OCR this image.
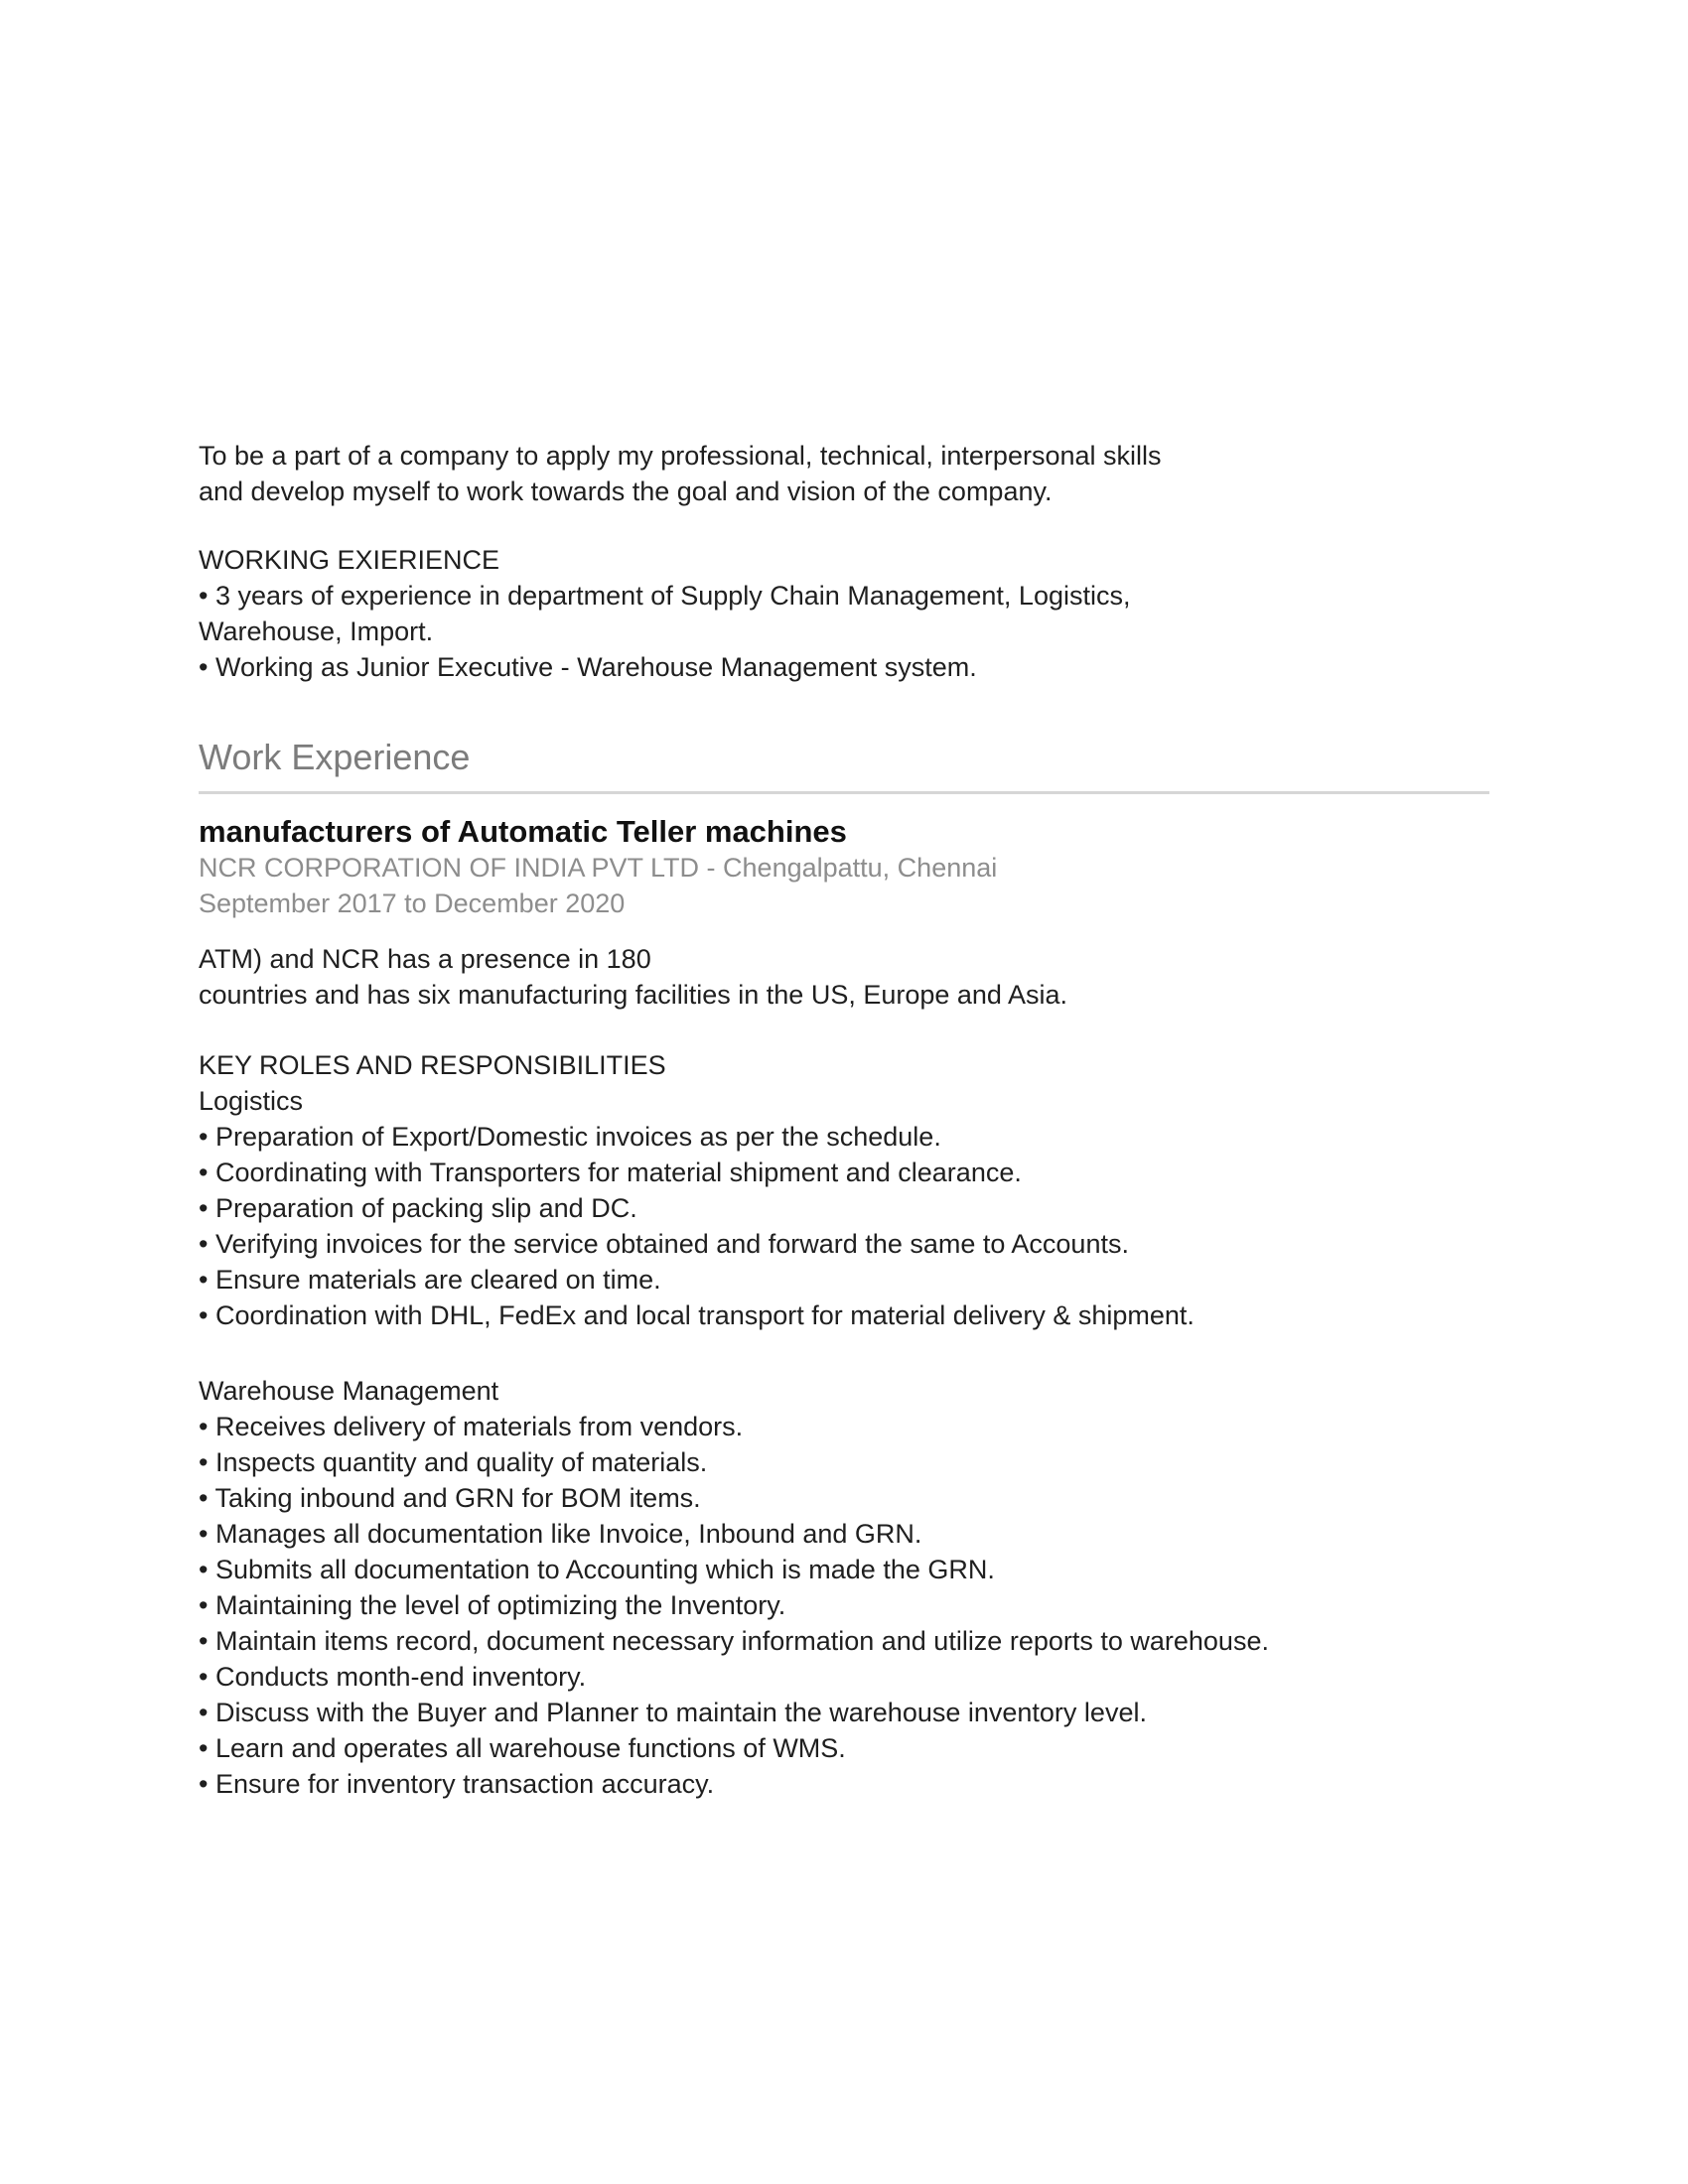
To be a part of a company to apply my professional, technical, interpersonal skills
and develop myself to work towards the goal and vision of the company.
WORKING EXIERIENCE
• 3 years of experience in department of Supply Chain Management, Logistics,
Warehouse, Import.
• Working as Junior Executive - Warehouse Management system.
Work Experience
manufacturers of Automatic Teller machines
NCR CORPORATION OF INDIA PVT LTD - Chengalpattu, Chennai
September 2017 to December 2020
ATM) and NCR has a presence in 180
countries and has six manufacturing facilities in the US, Europe and Asia.
KEY ROLES AND RESPONSIBILITIES
Logistics
• Preparation of Export/Domestic invoices as per the schedule.
• Coordinating with Transporters for material shipment and clearance.
• Preparation of packing slip and DC.
• Verifying invoices for the service obtained and forward the same to Accounts.
• Ensure materials are cleared on time.
• Coordination with DHL, FedEx and local transport for material delivery & shipment.
Warehouse Management
• Receives delivery of materials from vendors.
• Inspects quantity and quality of materials.
• Taking inbound and GRN for BOM items.
• Manages all documentation like Invoice, Inbound and GRN.
• Submits all documentation to Accounting which is made the GRN.
• Maintaining the level of optimizing the Inventory.
• Maintain items record, document necessary information and utilize reports to warehouse.
• Conducts month-end inventory.
• Discuss with the Buyer and Planner to maintain the warehouse inventory level.
• Learn and operates all warehouse functions of WMS.
• Ensure for inventory transaction accuracy.
